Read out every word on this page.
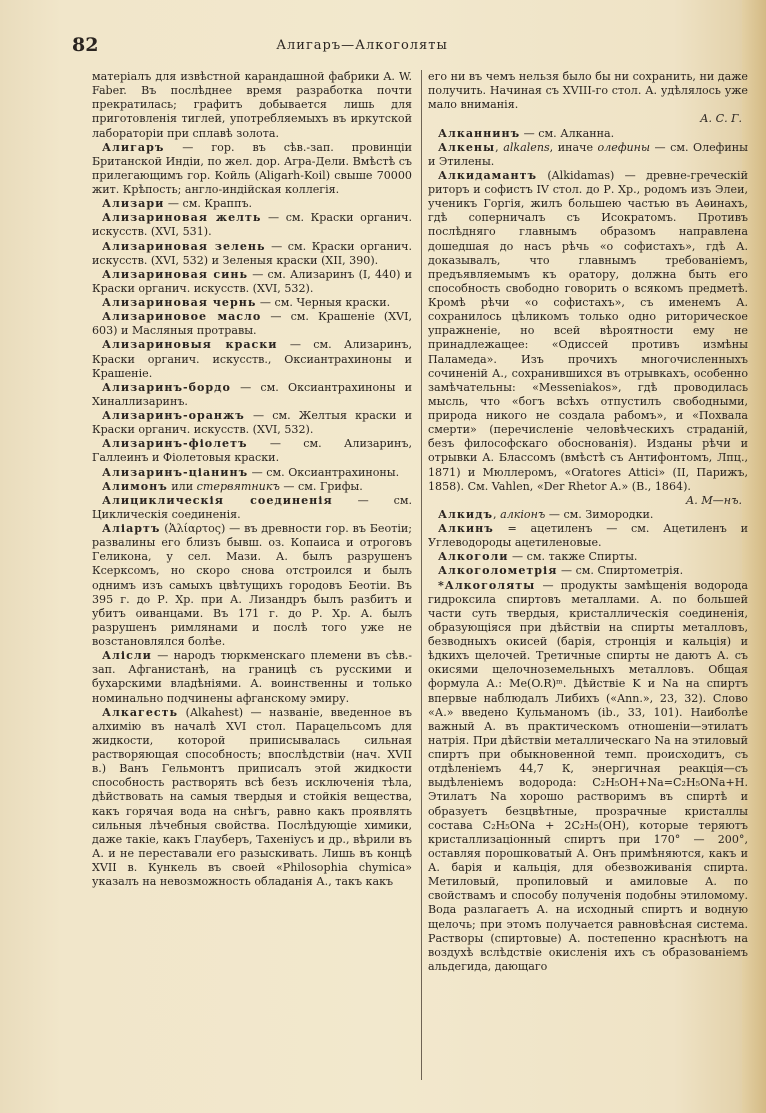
82	Алигаръ—Алкоголяты

матеріалъ для извѣстной карандашной фабрики A. W. Faber. Въ послѣднее время разработка почти прекратилась; графитъ добывается лишь для приготовленія тиглей, употребляемыхъ въ иркутской лабораторіи при сплавѣ золота.

Алигаръ — гор. въ сѣв.-зап. провинціи Британской Индіи, по жел. дор. Агра-Дели. Вмѣстѣ съ прилегающимъ гор. Койль (Aligarh-Koil) свыше 70000 жит. Крѣпость; англо-индійская коллегія.

Ализари — см. Краппъ.

Ализариновая желть — см. Краски органич. искусств. (XVI, 531).

Ализариновая зелень — см. Краски органич. искусств. (XVI, 532) и Зеленыя краски (XII, 390).

Ализариновая синь — см. Ализаринъ (I, 440) и Краски органич. искусств. (XVI, 532).

Ализариновая чернь — см. Черныя краски.

Ализариновое масло — см. Крашеніе (XVI, 603) и Масляныя протравы.

Ализариновыя краски — см. Ализаринъ, Краски органич. искусств., Оксиантрахиноны и Крашеніе.

Ализаринъ-бордо — см. Оксиантрахиноны и Хиналлизаринъ.

Ализаринъ-оранжъ — см. Желтыя краски и Краски органич. искусств. (XVI, 532).

Ализаринъ-фіолетъ — см. Ализаринъ, Галлеинъ и Фіолетовыя краски.

Ализаринъ-ціанинъ — см. Оксиантрахиноны.

Алимонъ или стервятникъ — см. Грифы.

Алициклическія соединенія — см. Циклическія соединенія.

Аліартъ (Ἁλίαρτος) — въ древности гор. въ Беотіи; развалины его близъ бывш. оз. Копаиса и отроговъ Геликона, у сел. Мази. А. былъ разрушенъ Ксерксомъ, но скоро снова отстроился и былъ однимъ изъ самыхъ цвѣтущихъ городовъ Беотіи. Въ 395 г. до Р. Хр. при А. Лизандръ былъ разбитъ и убитъ оиванцами. Въ 171 г. до Р. Хр. А. былъ разрушенъ римлянами и послѣ того уже не возстановлялся болѣе.

Алісли — народъ тюркменскаго племени въ сѣв.-зап. Афганистанѣ, на границѣ съ русскими и бухарскими владѣніями. А. воинственны и только номинально подчинены афганскому эмиру.

Алкагесть (Alkahest) — названіе, введенное въ алхимію въ началѣ XVI стол. Парацельсомъ для жидкости, которой приписывалась сильная растворяющая способность; впослѣдствіи (нач. XVII в.) Ванъ Гельмонтъ приписалъ этой жидкости способность растворять всѣ безъ исключенія тѣла, дѣйствовать на самыя твердыя и стойкія вещества, какъ горячая вода на снѣгъ, равно какъ проявлять сильныя лѣчебныя свойства. Послѣдующіе химики, даже такіе, какъ Глауберъ, Тахеніусъ и др., вѣрили въ А. и не переставали его разыскивать. Лишь въ концѣ XVII в. Кункель въ своей «Philosophia chymica» указалъ на невозможность обладанія А., такъ какъ

его ни въ чемъ нельзя было бы ни сохранить, ни даже получить. Начиная съ XVIII-го стол. А. удѣлялось уже мало вниманія.

А. С. Г.

Алканнинъ — см. Алканна.

Алкены, alkalens, иначе олефины — см. Олефины и Этилены.

Алкидамантъ (Alkidamas) — древне-греческій риторъ и софистъ IV стол. до Р. Хр., родомъ изъ Элеи, ученикъ Горгія, жилъ большею частью въ Аѳинахъ, гдѣ соперничалъ съ Исократомъ. Противъ послѣдняго главнымъ образомъ направлена дошедшая до насъ рѣчь «о софистахъ», гдѣ А. доказывалъ, что главнымъ требованіемъ, предъявляемымъ къ оратору, должна быть его способность свободно говорить о всякомъ предметѣ. Кромѣ рѣчи «о софистахъ», съ именемъ А. сохранилось цѣликомъ только одно риторическое упражненіе, но всей вѣроятности ему не принадлежащее: «Одиссей противъ измѣны Паламеда». Изъ прочихъ многочисленныхъ сочиненій А., сохранившихся въ отрывкахъ, особенно замѣчательны: «Messeniakos», гдѣ проводилась мысль, что «богъ всѣхъ отпустилъ свободными, природа никого не создала рабомъ», и «Похвала смерти» (перечисленіе человѣческихъ страданій, безъ философскаго обоснованія). Изданы рѣчи и отрывки А. Блассомъ (вмѣстѣ съ Антифонтомъ, Лпц., 1871) и Мюллеромъ, «Oratores Attici» (II, Парижъ, 1858). См. Vahlen, «Der Rhetor A.» (В., 1864).

А. М—нъ.

Алкидъ, алкіонъ — см. Зимородки.

Алкинъ = ацетиленъ — см. Ацетиленъ и Углеводороды ацетиленовые.

Алкоголи — см. также Спирты.

Алкоголометрія — см. Спиртометрія.

*Алкоголяты — продукты замѣщенія водорода гидроксила спиртовъ металлами. А. по большей части суть твердыя, кристаллическія соединенія, образующіяся при дѣйствіи на спирты металловъ, безводныхъ окисей (барія, стронція и кальція) и ѣдкихъ щелочей. Третичные спирты не даютъ А. съ окисями щелочноземельныхъ металловъ. Общая формула А.: Me(O.R)ᵐ. Дѣйствіе K и Na на спиртъ впервые наблюдалъ Либихъ («Ann.», 23, 32). Слово «А.» введено Кульманомъ (ib., 33, 101). Наиболѣе важный А. въ практическомъ отношеніи—этилатъ натрія. При дѣйствіи металлическаго Na на этиловый спиртъ при обыкновенной темп. происходитъ, съ отдѣленіемъ 44,7 К, энергичная реакція—съ выдѣленіемъ водорода: C₂H₅OH+Na=C₂H₅ONa+H. Этилатъ Na хорошо растворимъ въ спиртѣ и образуетъ безцвѣтные, прозрачные кристаллы состава C₂H₅ONa + 2C₂H₅(OH), которые теряютъ кристаллизаціонный спиртъ при 170° — 200°, оставляя порошковатый А. Онъ примѣняются, какъ и А. барія и кальція, для обезвоживанія спирта. Метиловый, пропиловый и амиловые А. по свойствамъ и способу полученія подобны этиломому. Вода разлагаетъ А. на исходный спиртъ и водную щелочь; при этомъ получается равновѣсная система. Растворы (спиртовые) А. постепенно краснѣютъ на воздухѣ вслѣдствіе окисленія ихъ съ образованіемъ альдегида, дающаго
